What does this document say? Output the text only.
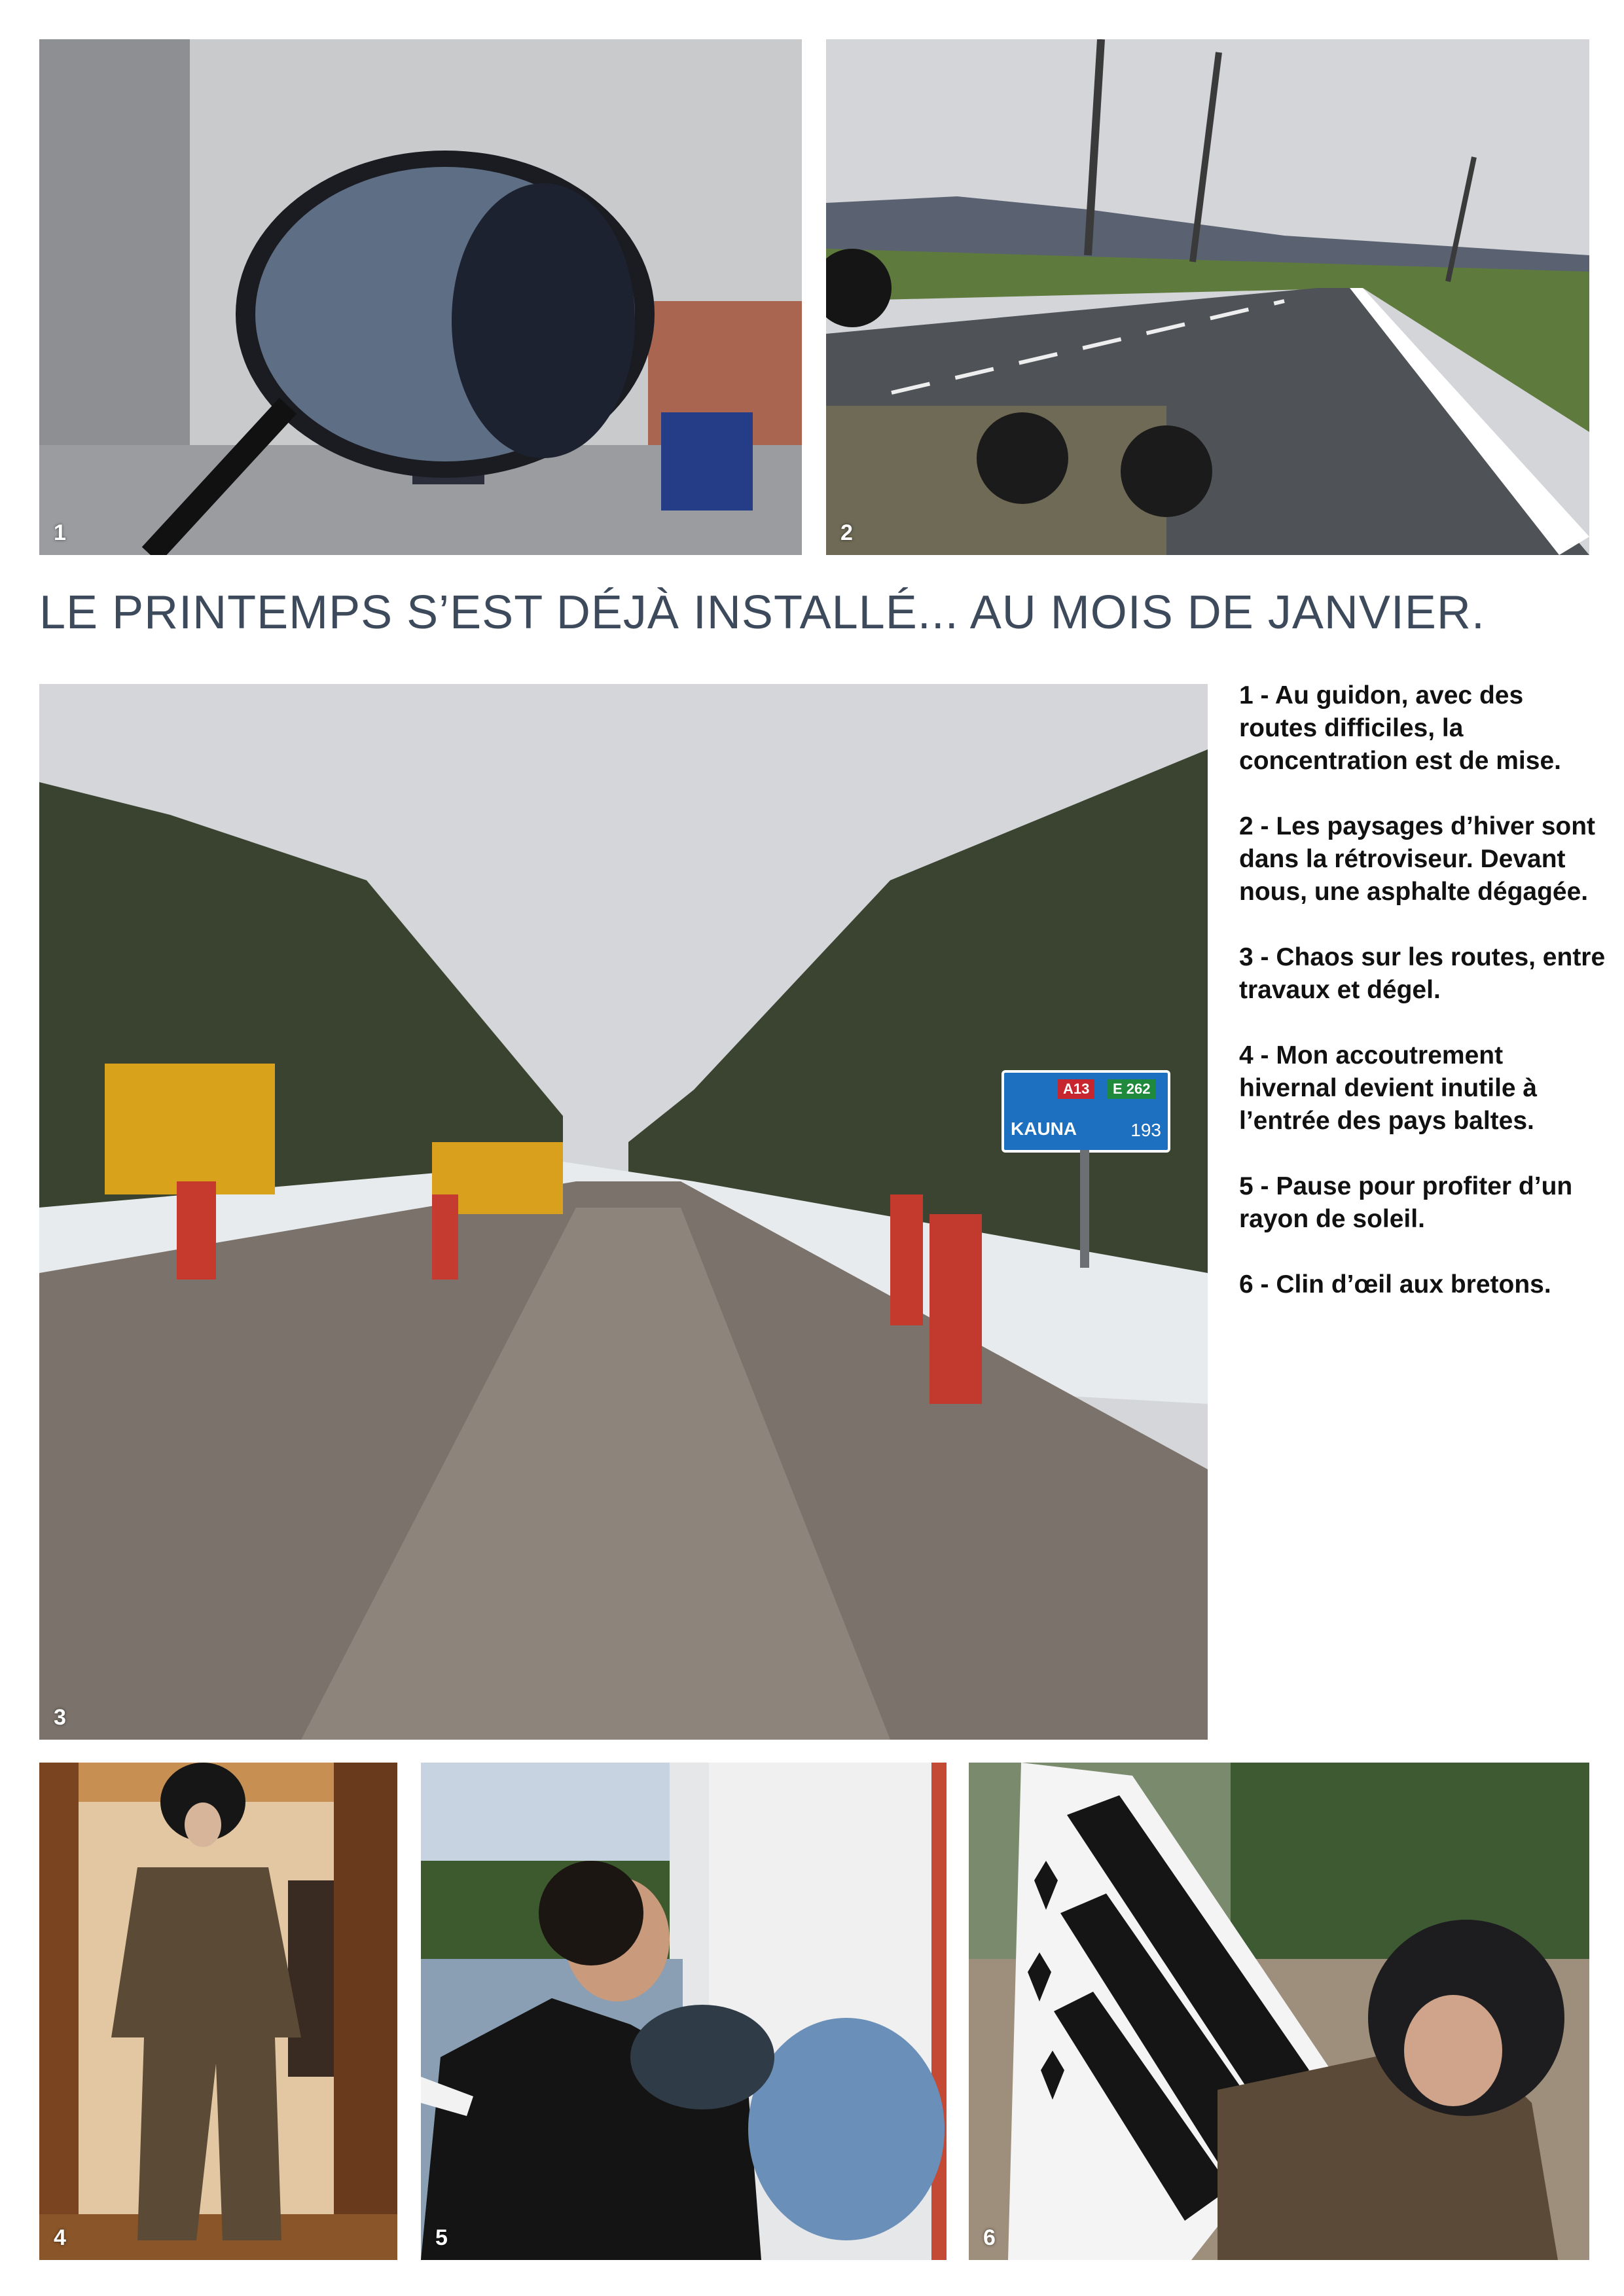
1	2
LE PRINTEMPS S’EST DÉJÀ INSTALLÉ... AU MOIS DE JANVIER.
A13	E 262
KAUNA	193
3

1 - Au guidon, avec des routes difficiles, la concentration est de mise.

2 - Les paysages d’hiver sont dans la rétroviseur. Devant nous, une asphalte dégagée.

3 - Chaos sur les routes, entre travaux et dégel.

4 - Mon accoutrement hivernal devient inutile à l’entrée des pays baltes.

5 - Pause pour profiter d’un rayon de soleil.

6 - Clin d’œil aux bretons.

4	5	6
